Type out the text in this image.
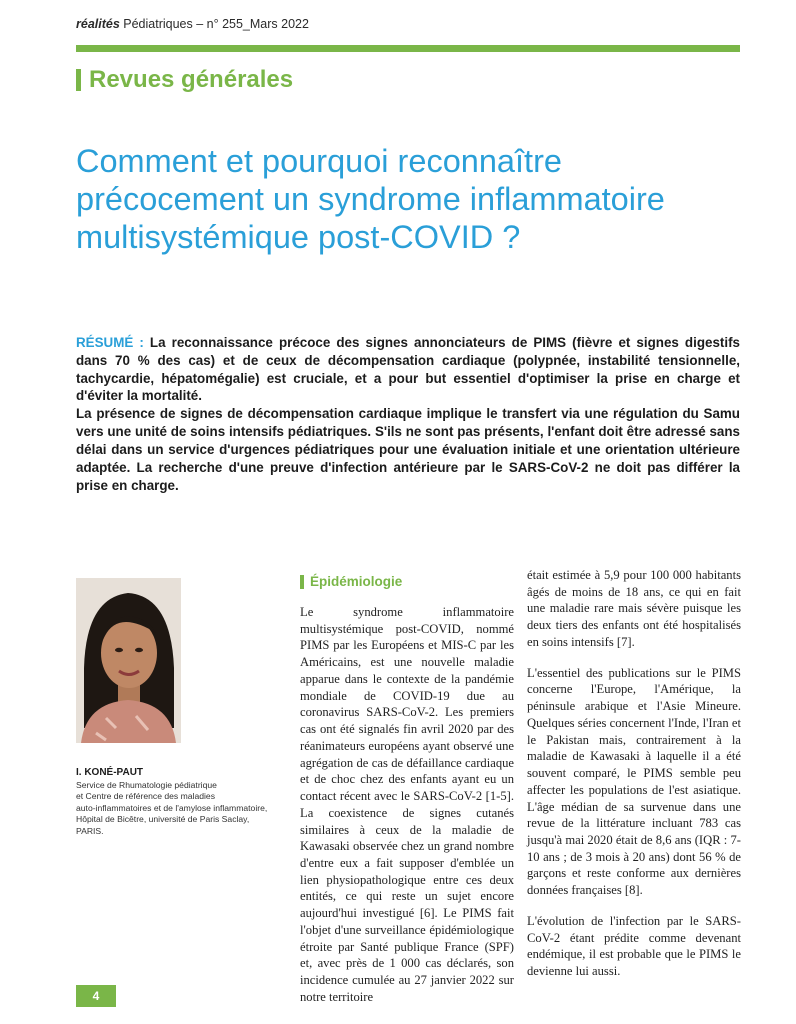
réalités Pédiatriques – n° 255_Mars 2022
Revues générales
Comment et pourquoi reconnaître précocement un syndrome inflammatoire multisystémique post-COVID ?

RÉSUMÉ : La reconnaissance précoce des signes annonciateurs de PIMS (fièvre et signes digestifs dans 70 % des cas) et de ceux de décompensation cardiaque (polypnée, instabilité tensionnelle, tachycardie, hépatomégalie) est cruciale, et a pour but essentiel d'optimiser la prise en charge et d'éviter la mortalité.

La présence de signes de décompensation cardiaque implique le transfert via une régulation du Samu vers une unité de soins intensifs pédiatriques. S'ils ne sont pas présents, l'enfant doit être adressé sans délai dans un service d'urgences pédiatriques pour une évaluation initiale et une orientation ultérieure adaptée. La recherche d'une preuve d'infection antérieure par le SARS-CoV-2 ne doit pas différer la prise en charge.

I. KONÉ-PAUT
Service de Rhumatologie pédiatrique
et Centre de référence des maladies
auto-inflammatoires et de l'amylose inflammatoire,
Hôpital de Bicêtre, université de Paris Saclay,
PARIS.
Épidémiologie

Le syndrome inflammatoire multisystémique post-COVID, nommé PIMS par les Européens et MIS-C par les Américains, est une nouvelle maladie apparue dans le contexte de la pandémie mondiale de COVID-19 due au coronavirus SARS-CoV-2. Les premiers cas ont été signalés fin avril 2020 par des réanimateurs européens ayant observé une agrégation de cas de défaillance cardiaque et de choc chez des enfants ayant eu un contact récent avec le SARS-CoV-2 [1-5]. La coexistence de signes cutanés similaires à ceux de la maladie de Kawasaki observée chez un grand nombre d'entre eux a fait supposer d'emblée un lien physiopathologique entre ces deux entités, ce qui reste un sujet encore aujourd'hui investigué [6]. Le PIMS fait l'objet d'une surveillance épidémiologique étroite par Santé publique France (SPF) et, avec près de 1 000 cas déclarés, son incidence cumulée au 27 janvier 2022 sur notre territoire

était estimée à 5,9 pour 100 000 habitants âgés de moins de 18 ans, ce qui en fait une maladie rare mais sévère puisque les deux tiers des enfants ont été hospitalisés en soins intensifs [7].

L'essentiel des publications sur le PIMS concerne l'Europe, l'Amérique, la péninsule arabique et l'Asie Mineure. Quelques séries concernent l'Inde, l'Iran et le Pakistan mais, contrairement à la maladie de Kawasaki à laquelle il a été souvent comparé, le PIMS semble peu affecter les populations de l'est asiatique. L'âge médian de sa survenue dans une revue de la littérature incluant 783 cas jusqu'à mai 2020 était de 8,6 ans (IQR : 7-10 ans ; de 3 mois à 20 ans) dont 56 % de garçons et reste conforme aux dernières données françaises [8].

L'évolution de l'infection par le SARS-CoV-2 étant prédite comme devenant endémique, il est probable que le PIMS le devienne lui aussi.

4
